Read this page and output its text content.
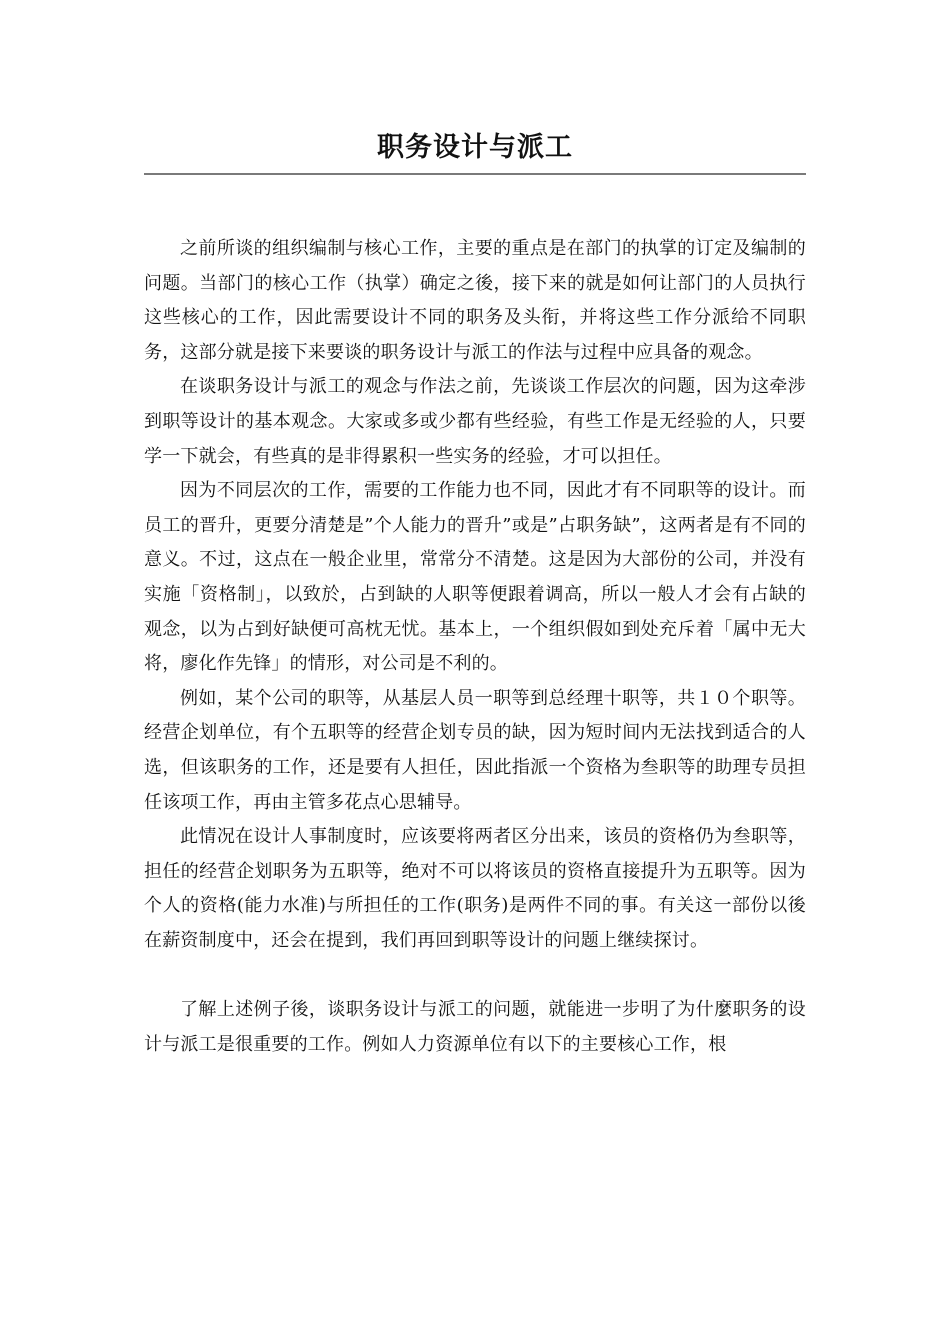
职务设计与派工

之前所谈的组织编制与核心工作，主要的重点是在部门的执掌的订定及编制的问题。当部门的核心工作（执掌）确定之後，接下来的就是如何让部门的人员执行这些核心的工作，因此需要设计不同的职务及头衔，并将这些工作分派给不同职务，这部分就是接下来要谈的职务设计与派工的作法与过程中应具备的观念。

在谈职务设计与派工的观念与作法之前，先谈谈工作层次的问题，因为这牵涉到职等设计的基本观念。大家或多或少都有些经验，有些工作是无经验的人，只要学一下就会，有些真的是非得累积一些实务的经验，才可以担任。

因为不同层次的工作，需要的工作能力也不同，因此才有不同职等的设计。而员工的晋升，更要分清楚是”个人能力的晋升”或是”占职务缺”，这两者是有不同的意义。不过，这点在一般企业里，常常分不清楚。这是因为大部份的公司，并没有实施「资格制」，以致於，占到缺的人职等便跟着调高，所以一般人才会有占缺的观念，以为占到好缺便可高枕无忧。基本上，一个组织假如到处充斥着「属中无大将，廖化作先锋」的情形，对公司是不利的。

例如，某个公司的职等，从基层人员一职等到总经理十职等，共１０个职等。经营企划单位，有个五职等的经营企划专员的缺，因为短时间内无法找到适合的人选，但该职务的工作，还是要有人担任，因此指派一个资格为叁职等的助理专员担任该项工作，再由主管多花点心思辅导。

此情况在设计人事制度时，应该要将两者区分出来，该员的资格仍为叁职等，担任的经营企划职务为五职等，绝对不可以将该员的资格直接提升为五职等。因为个人的资格(能力水准)与所担任的工作(职务)是两件不同的事。有关这一部份以後在薪资制度中，还会在提到，我们再回到职等设计的问题上继续探讨。

了解上述例子後，谈职务设计与派工的问题，就能进一步明了为什麼职务的设计与派工是很重要的工作。例如人力资源单位有以下的主要核心工作，根
